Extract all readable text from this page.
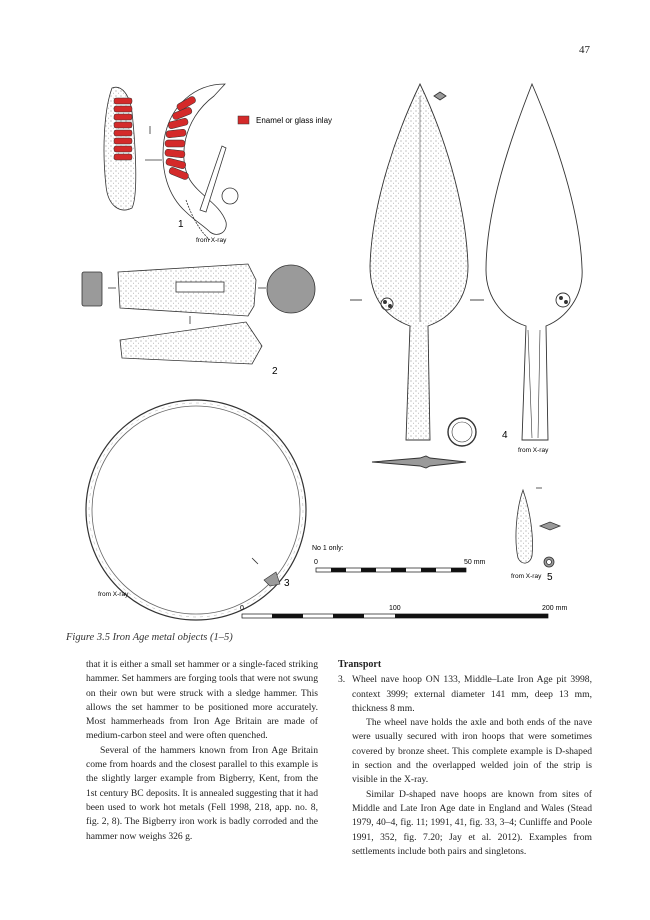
47
Enamel or glass inlay
1
from X-ray
2
3
from X-ray
4
from X-ray
5
from X-ray
No 1 only:
0	50 mm
0	100	200 mm
Figure 3.5 Iron Age metal objects (1–5)

that it is either a small set hammer or a single-faced striking hammer. Set hammers are forging tools that were not swung on their own but were struck with a sledge hammer. This allows the set hammer to be positioned more accurately. Most hammerheads from Iron Age Britain are made of medium-carbon steel and were often quenched.

Several of the hammers known from Iron Age Britain come from hoards and the closest parallel to this example is the slightly larger example from Bigberry, Kent, from the 1st century BC deposits. It is annealed suggesting that it had been used to work hot metals (Fell 1998, 218, app. no. 8, fig. 2, 8). The Bigberry iron work is badly corroded and the hammer now weighs 326 g.

Transport

3. Wheel nave hoop ON 133, Middle–Late Iron Age pit 3998, context 3999; external diameter 141 mm, deep 13 mm, thickness 8 mm.

The wheel nave holds the axle and both ends of the nave were usually secured with iron hoops that were sometimes covered by bronze sheet. This complete example is D-shaped in section and the overlapped welded join of the strip is visible in the X-ray.

Similar D-shaped nave hoops are known from sites of Middle and Late Iron Age date in England and Wales (Stead 1979, 40–4, fig. 11; 1991, 41, fig. 33, 3–4; Cunliffe and Poole 1991, 352, fig. 7.20; Jay et al. 2012). Examples from settlements include both pairs and singletons.
